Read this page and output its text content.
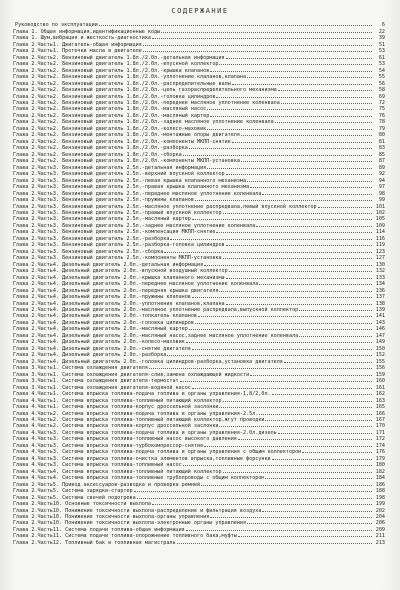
СОДЕРЖАНИЕ
Руководство по эксплуатации	6
Глава 1. Общая информация,идентификационные коды	22
Глава 1. Шум,вибрация и жесткость-диагностика	39
Глава 2.Часть1. Двигатель-общая информация	51
Глава 2.Часть1. Протечки масла в двигателе	53
Глава 2.Часть2. Бензиновый двигатель 1.8л./2.0л.-детальная информация	61
Глава 2.Часть2. Бензиновый двигатель 1.8л./2.0л.-впускной коллектор	53
Глава 2.Часть2. Бензиновый двигатель 1.8л./2.0л.-крышка клапанов	54
Глава 2.Часть2. Бензиновый двигатель 1.8л./2.0л.-уплотнение клапанов,клапана	55
Глава 2.Часть2. Бензиновый двигатель 1.8л./2.0л.-распределительные валы	56
Глава 2.Часть2. Бензиновый двигатель 1.8л./2.0л.-цепь газораспределительного механизма	58
Глава 2.Часть2. Бензиновый двигатель 1.8л./2.0л.-головка цилиндров	69
Глава 2.Часть2. Бензиновый двигатель 1.8л./2.0л.-переднее масляное уплотнение коленвала	72
Глава 2.Часть2. Бензиновый двигатель 1.8л./2.0л.-масляный насос	75
Глава 2.Часть2. Бензиновый двигатель 1.8л./2.0л.-масляный картер	76
Глава 2.Часть2. Бензиновый двигатель 1.8л./2.0л.-заднее масляное уплотнение коленвала	78
Глава 2.Часть2. Бензиновый двигатель 1.8л./2.0л.-колесо-маховик	79
Глава 2.Часть2. Бензиновый двигатель 1.8л./2.0л.-монтажные опоры двигателя	80
Глава 2.Часть2. Бензиновый двигатель 1.8л./2.0л.-компоненты МКПП-снятие	81
Глава 2.Часть2. Бензиновый двигатель 1.8л./2.0л.-разборка	83
Глава 2.Часть2. Бензиновый двигатель 1.8л./2.0л.-сборка	85
Глава 2.Часть2. Бензиновый двигатель 1.8л./2.0л.-компоненты МКПП-установка	87
Глава 2.Часть3. Бензиновый двигатель 2.5л.-детальная информация	89
Глава 2.Часть3. Бензиновый двигатель 2.5л.-верхний впускной коллектор	92
Глава 2.Часть3. Бензиновый двигатель 2.5л.-левая крышка клапанного механизма	94
Глава 2.Часть3. Бензиновый двигатель 2.5л.-правая крышка клапанного механизма	97
Глава 2.Часть3. Бензиновый двигатель 2.5л.-переднее масляное уплотнение коленвала	98
Глава 2.Часть3. Бензиновый двигатель 2.5л.-пружины клапанов	99
Глава 2.Часть3. Бензиновый двигатель 2.5л.-масляное уплотнение распредвала,левый впускной коллектор	101
Глава 2.Часть3. Бензиновый двигатель 2.5л.-правый впускной коллектор	102
Глава 2.Часть3. Бензиновый двигатель 2.5л.-масляный картер	105
Глава 2.Часть3. Бензиновый двигатель 2.5л.-заднее масляное уплотнение коленвала	109
Глава 2.Часть3. Бензиновый двигатель 2.5л.-компенсация МКПП-снятие	114
Глава 2.Часть3. Бензиновый двигатель 2.5л.-разборка	116
Глава 2.Часть3. Бензиновый двигатель 2.5л.-разборка-головка цилиндров	119
Глава 2.Часть3. Бензиновый двигатель 2.5л.-сборка	123
Глава 2.Часть3. Бензиновый двигатель 2.5л.-компоненты МКПП-установка	127
Глава 2.Часть4. Дизельный двигатель 2.0л.-детальная информация	130
Глава 2.Часть4. Дизельный двигатель 2.0л.-впускной воздушный коллектор	132
Глава 2.Часть4. Дизельный двигатель 2.0л.-крышка клапанного механизма	133
Глава 2.Часть4. Дизельный двигатель 2.0л.-переднее масляное уплотнение коленвала	134
Глава 2.Часть4. Дизельный двигатель 2.0л.-передняя крышка двигателя	136
Глава 2.Часть4. Дизельный двигатель 2.0л.-пружины клапанов	137
Глава 2.Часть4. Дизельный двигатель 2.0л.-уплотнения клапанов,клапана	138
Глава 2.Часть4. Дизельный двигатель 2.0л.-масляное уплотнение распредвала,выпускной коллектор	139
Глава 2.Часть4. Дизельный двигатель 2.0л.-толкатель клапанов	141
Глава 2.Часть4. Дизельный двигатель 2.0л.-головка цилиндров	143
Глава 2.Часть4. Дизельный двигатель 2.0л.-масляный картер	146
Глава 2.Часть4. Дизельный двигатель 2.0л.-масляный насос,заднее масляное уплотнение коленвала	147
Глава 2.Часть4. Дизельный двигатель 2.0л.-колесо-маховик	149
Глава 2.Часть4. Дизельный двигатель 2.0л.-снятие двигателя	150
Глава 2.Часть4. Дизельный двигатель 2.0л.-разборка	152
Глава 2.Часть4. Дизельный двигатель 2.0л.-головка цилиндров-разборка,установка двигателя	155
Глава 3.Часть1. Система охлаждения двигателя	156
Глава 3.Часть1. Система охлаждения двигателя-слив,замена охлаждающей жидкости	159
Глава 3.Часть1. Система охлаждения двигателя-термостат	160
Глава 3.Часть1. Система охлаждения двигателя-водяной насос	161
Глава 4.Часть1. Система впрыска топлива-подача топлива и органы управления-1,8/2,0л.	162
Глава 4.Часть1. Система впрыска топлива-топливный питающий коллектор	163
Глава 4.Часть1. Система впрыска топлива-корпус дроссельной заслонки	165
Глава 4.Часть2. Система впрыска топлива-подача топлива и органы управления-2.5л.	166
Глава 4.Часть2. Система впрыска топлива-топливный питающий коллектор,жгут проводки	167
Глава 4.Часть2. Система впрыска топлива-корпус дроссельной заслонки	170
Глава 4.Часть3. Система впрыска топлива-подача топлива и органы управления-2.0л.дизель	171
Глава 4.Часть3. Система впрыска топлива-топливный насос высокого давления	172
Глава 4.Часть3. Система впрыска топлива-турбокомпрессор-снятие	174
Глава 4.Часть3. Система впрыска топлива-подача топлива и органы управления с общим коллектором	176
Глава 4.Часть3. Система впрыска топлива-очистка элементов впрыска,топливные форсунки	179
Глава 4.Часть3. Система впрыска топлива-топливный насос	180
Глава 4.Часть4. Система впрыска топлива-топливный питающий коллектор	182
Глава 4.Часть4. Система впрыска топлива-топливные трубопроводы с общим коллектором	184
Глава 2.Часть5. Привод аксессуаров-разводка и проверка ремней	186
Глава 2.Часть5. Система зарядки-стартер	188
Глава 2.Часть5. Система свечей подогрева	198
Глава 2.Часть10. Основные токсичности выхлопа	199
Глава 2.Часть10. Понижение токсичности выхлопа-распределение и фильтрация воздуха	202
Глава 2.Часть10. Понижение токсичности выхлопа-органы управления	204
Глава 2.Часть10. Понижение токсичности выхлопа-электронные органы управления	206
Глава 2.Часть11. Система подачи топлива-общая информация	209
Глава 2.Часть11. Система подачи топлива-опорожнение топливного бака,муфты	211
Глава 2.Часть12. Топливный бак и топливная магистраль	213
